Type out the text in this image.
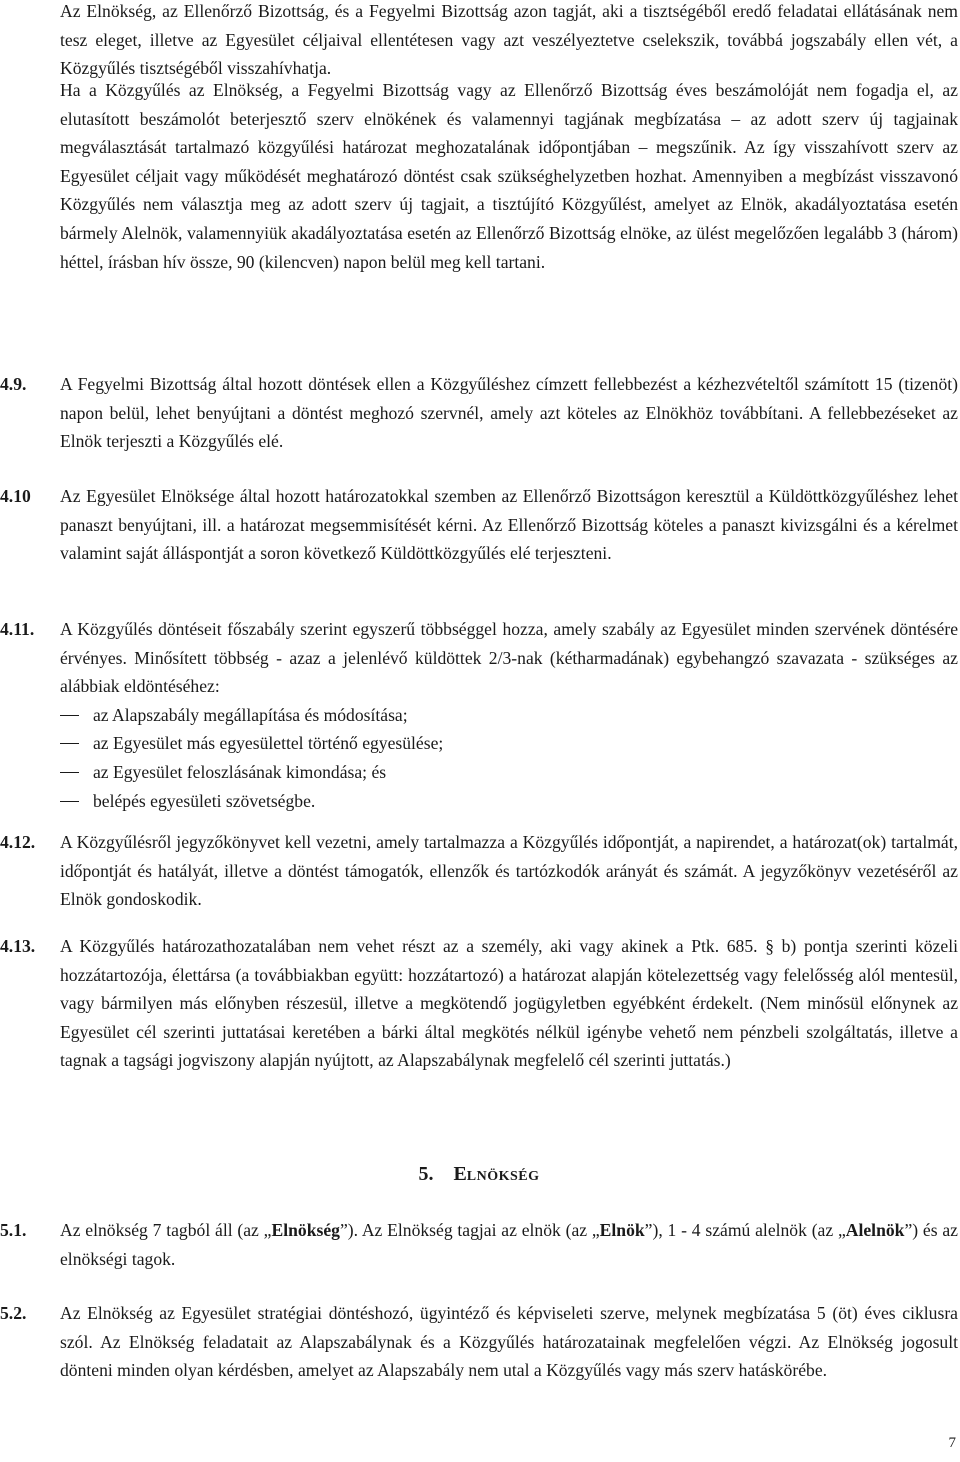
Az Elnökség, az Ellenőrző Bizottság, és a Fegyelmi Bizottság azon tagját, aki a tisztségéből eredő feladatai ellátásának nem tesz eleget, illetve az Egyesület céljaival ellentétesen vagy azt veszélyeztetve cselekszik, továbbá jogszabály ellen vét, a Közgyűlés tisztségéből visszahívhatja.

Ha a Közgyűlés az Elnökség, a Fegyelmi Bizottság vagy az Ellenőrző Bizottság éves beszámolóját nem fogadja el, az elutasított beszámolót beterjesztő szerv elnökének és valamennyi tagjának megbízatása – az adott szerv új tagjainak megválasztását tartalmazó közgyűlési határozat meghozatalának időpontjában – megszűnik. Az így visszahívott szerv az Egyesület céljait vagy működését meghatározó döntést csak szükséghelyzetben hozhat. Amennyiben a megbízást visszavonó Közgyűlés nem választja meg az adott szerv új tagjait, a tisztújító Közgyűlést, amelyet az Elnök, akadályoztatása esetén bármely Alelnök, valamennyiük akadályoztatása esetén az Ellenőrző Bizottság elnöke, az ülést megelőzően legalább 3 (három) héttel, írásban hív össze, 90 (kilencven) napon belül meg kell tartani.

4.9.	A Fegyelmi Bizottság által hozott döntések ellen a Közgyűléshez címzett fellebbezést a kézhezvételtől számított 15 (tizenöt) napon belül, lehet benyújtani a döntést meghozó szervnél, amely azt köteles az Elnökhöz továbbítani. A fellebbezéseket az Elnök terjeszti a Közgyűlés elé.
4.10	Az Egyesület Elnöksége által hozott határozatokkal szemben az Ellenőrző Bizottságon keresztül a Küldöttközgyűléshez lehet panaszt benyújtani, ill. a határozat megsemmisítését kérni. Az Ellenőrző Bizottság köteles a panaszt kivizsgálni és a kérelmet valamint saját álláspontját a soron következő Küldöttközgyűlés elé terjeszteni.
4.11.	A Közgyűlés döntéseit főszabály szerint egyszerű többséggel hozza, amely szabály az Egyesület minden szervének döntésére érvényes. Minősített többség - azaz a jelenlévő küldöttek 2/3-nak (kétharmadának) egybehangzó szavazata - szükséges az alábbiak eldöntéséhez:
az Alapszabály megállapítása és módosítása;
az Egyesület más egyesülettel történő egyesülése;
az Egyesület feloszlásának kimondása; és
belépés egyesületi szövetségbe.
4.12.	A Közgyűlésről jegyzőkönyvet kell vezetni, amely tartalmazza a Közgyűlés időpontját, a napirendet, a határozat(ok) tartalmát, időpontját és hatályát, illetve a döntést támogatók, ellenzők és tartózkodók arányát és számát. A jegyzőkönyv vezetéséről az Elnök gondoskodik.
4.13.	A Közgyűlés határozathozatalában nem vehet részt az a személy, aki vagy akinek a Ptk. 685. § b) pontja szerinti közeli hozzátartozója, élettársa (a továbbiakban együtt: hozzátartozó) a határozat alapján kötelezettség vagy felelősség alól mentesül, vagy bármilyen más előnyben részesül, illetve a megkötendő jogügyletben egyébként érdekelt. (Nem minősül előnynek az Egyesület cél szerinti juttatásai keretében a bárki által megkötés nélkül igénybe vehető nem pénzbeli szolgáltatás, illetve a tagnak a tagsági jogviszony alapján nyújtott, az Alapszabálynak megfelelő cél szerinti juttatás.)
5. Elnökség
5.1.	Az elnökség 7 tagból áll (az „Elnökség”). Az Elnökség tagjai az elnök (az „Elnök”), 1 - 4 számú alelnök (az „Alelnök”) és az elnökségi tagok.
5.2.	Az Elnökség az Egyesület stratégiai döntéshozó, ügyintéző és képviseleti szerve, melynek megbízatása 5 (öt) éves ciklusra szól. Az Elnökség feladatait az Alapszabálynak és a Közgyűlés határozatainak megfelelően végzi. Az Elnökség jogosult dönteni minden olyan kérdésben, amelyet az Alapszabály nem utal a Közgyűlés vagy más szerv hatáskörébe.
7
